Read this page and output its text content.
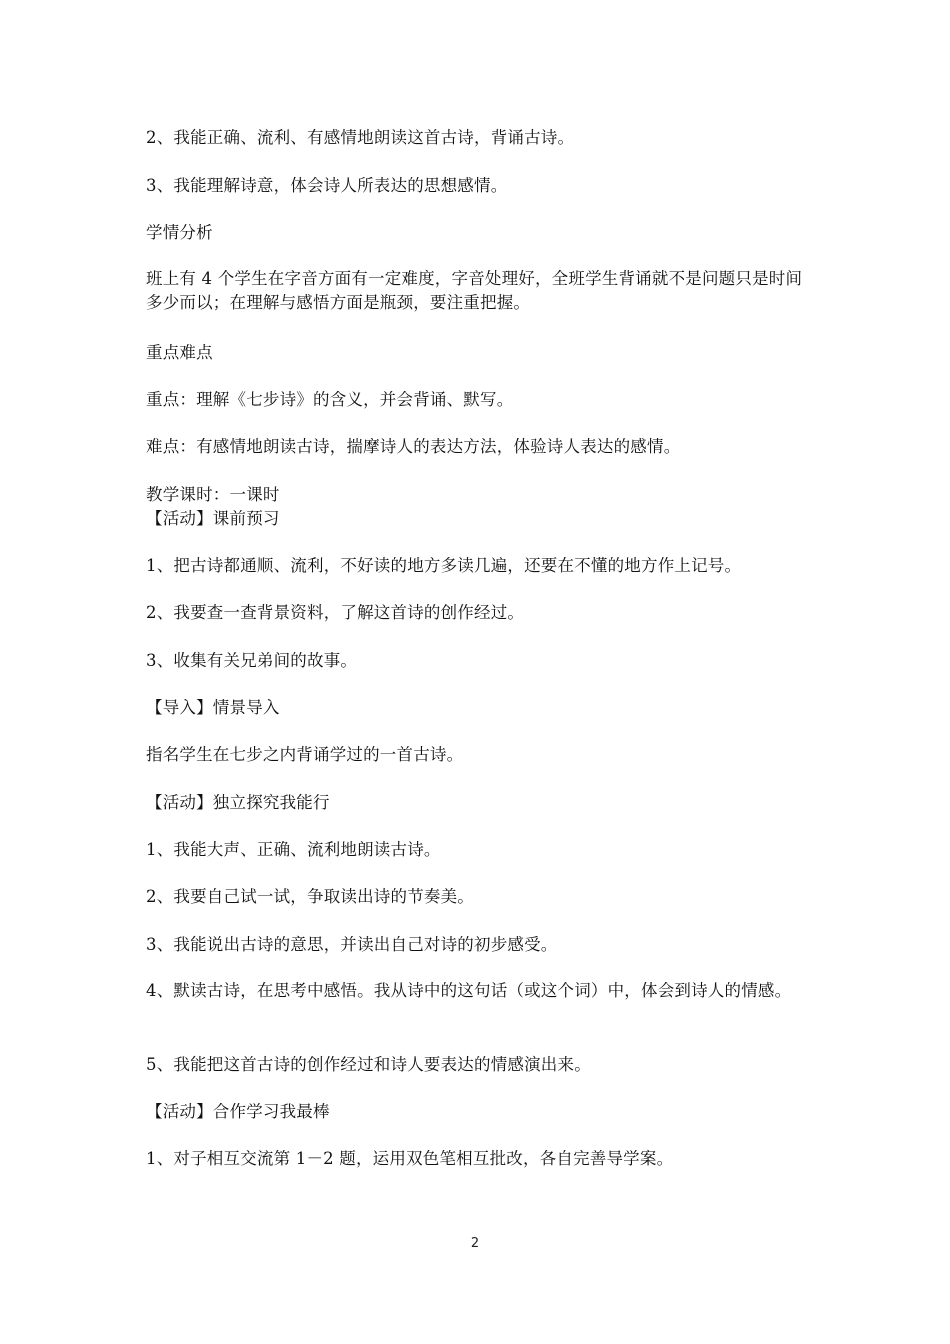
2、我能正确、流利、有感情地朗读这首古诗，背诵古诗。
3、我能理解诗意，体会诗人所表达的思想感情。
学情分析
班上有 4 个学生在字音方面有一定难度，字音处理好，全班学生背诵就不是问题只是时间多少而以；在理解与感悟方面是瓶颈，要注重把握。
重点难点
重点：理解《七步诗》的含义，并会背诵、默写。
难点：有感情地朗读古诗，揣摩诗人的表达方法，体验诗人表达的感情。
教学课时：一课时
【活动】课前预习
1、把古诗都通顺、流利，不好读的地方多读几遍，还要在不懂的地方作上记号。
2、我要查一查背景资料，了解这首诗的创作经过。
3、收集有关兄弟间的故事。
【导入】情景导入
指名学生在七步之内背诵学过的一首古诗。
【活动】独立探究我能行
1、我能大声、正确、流利地朗读古诗。
2、我要自己试一试，争取读出诗的节奏美。
3、我能说出古诗的意思，并读出自己对诗的初步感受。
4、默读古诗，在思考中感悟。我从诗中的这句话（或这个词）中，体会到诗人的情感。
5、我能把这首古诗的创作经过和诗人要表达的情感演出来。
【活动】合作学习我最棒
1、对子相互交流第 1－2 题，运用双色笔相互批改，各自完善导学案。
2
